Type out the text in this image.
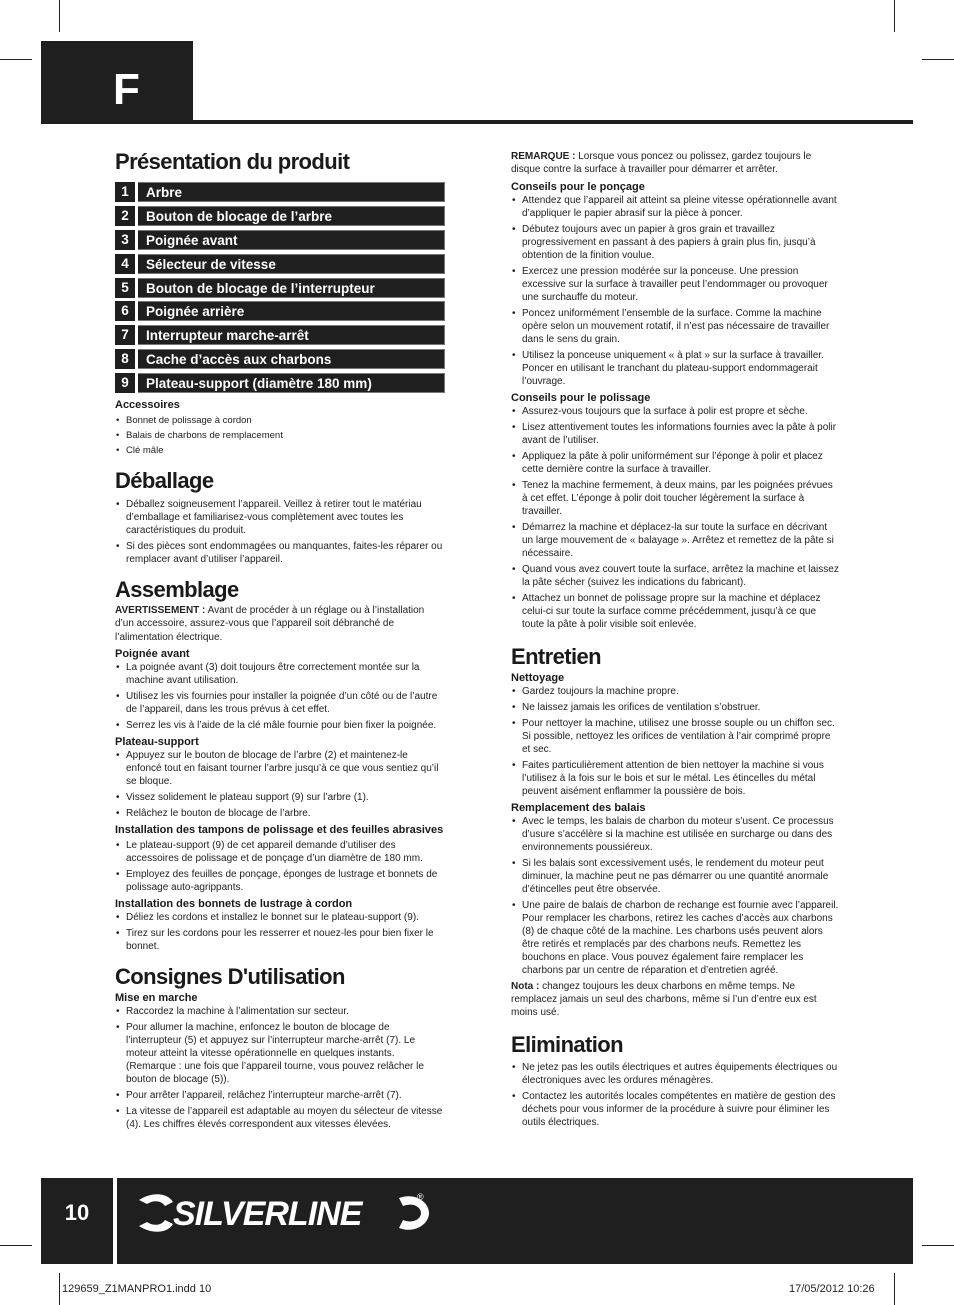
F
Présentation du produit
1	Arbre
2	Bouton de blocage de l’arbre
3	Poignée avant
4	Sélecteur de vitesse
5	Bouton de blocage de l’interrupteur
6	Poignée arrière
7	Interrupteur marche-arrêt
8	Cache d’accès aux charbons
9	Plateau-support (diamètre 180 mm)

Accessoires

• Bonnet de polissage à cordon
• Balais de charbons de remplacement
• Clé mâle
Déballage
• Déballez soigneusement l’appareil. Veillez à retirer tout le matériau d’emballage et familiarisez-vous complètement avec toutes les caractéristiques du produit.
• Si des pièces sont endommagées ou manquantes, faites-les réparer ou remplacer avant d’utiliser l’appareil.
Assemblage

AVERTISSEMENT : Avant de procéder à un réglage ou à l’installation d’un accessoire, assurez-vous que l’appareil soit débranché de l’alimentation électrique.

Poignée avant

• La poignée avant (3) doit toujours être correctement montée sur la machine avant utilisation.
• Utilisez les vis fournies pour installer la poignée d’un côté ou de l’autre de l’appareil, dans les trous prévus à cet effet.
• Serrez les vis à l’aide de la clé mâle fournie pour bien fixer la poignée.

Plateau-support

• Appuyez sur le bouton de blocage de l’arbre (2) et maintenez-le enfoncé tout en faisant tourner l’arbre jusqu’à ce que vous sentiez qu’il se bloque.
• Vissez solidement le plateau support (9) sur l’arbre (1).
• Relâchez le bouton de blocage de l’arbre.

Installation des tampons de polissage et des feuilles abrasives

• Le plateau-support (9) de cet appareil demande d’utiliser des accessoires de polissage et de ponçage d’un diamètre de 180 mm.
• Employez des feuilles de ponçage, éponges de lustrage et bonnets de polissage auto-agrippants.

Installation des bonnets de lustrage à cordon

• Déliez les cordons et installez le bonnet sur le plateau-support (9).
• Tirez sur les cordons pour les resserrer et nouez-les pour bien fixer le bonnet.
Consignes D'utilisation

Mise en marche

• Raccordez la machine à l’alimentation sur secteur.
• Pour allumer la machine, enfoncez le bouton de blocage de l’interrupteur (5) et appuyez sur l’interrupteur marche-arrêt (7). Le moteur atteint la vitesse opérationnelle en quelques instants. (Remarque : une fois que l’appareil tourne, vous pouvez relâcher le bouton de blocage (5)).
• Pour arrêter l’appareil, relâchez l’interrupteur marche-arrêt (7).
• La vitesse de l’appareil est adaptable au moyen du sélecteur de vitesse (4). Les chiffres élevés correspondent aux vitesses élevées.

REMARQUE : Lorsque vous poncez ou polissez, gardez toujours le disque contre la surface à travailler pour démarrer et arrêter.

Conseils pour le ponçage

• Attendez que l’appareil ait atteint sa pleine vitesse opérationnelle avant d’appliquer le papier abrasif sur la pièce à poncer.
• Débutez toujours avec un papier à gros grain et travaillez progressivement en passant à des papiers à grain plus fin, jusqu’à obtention de la finition voulue.
• Exercez une pression modérée sur la ponceuse. Une pression excessive sur la surface à travailler peut l’endommager ou provoquer une surchauffe du moteur.
• Poncez uniformément l’ensemble de la surface. Comme la machine opère selon un mouvement rotatif, il n’est pas nécessaire de travailler dans le sens du grain.
• Utilisez la ponceuse uniquement « à plat » sur la surface à travailler. Poncer en utilisant le tranchant du plateau-support endommagerait l’ouvrage.

Conseils pour le polissage

• Assurez-vous toujours que la surface à polir est propre et sèche.
• Lisez attentivement toutes les informations fournies avec la pâte à polir avant de l’utiliser.
• Appliquez la pâte à polir uniformément sur l’éponge à polir et placez cette dernière contre la surface à travailler.
• Tenez la machine fermement, à deux mains, par les poignées prévues à cet effet. L’éponge à polir doit toucher légèrement la surface à travailler.
• Démarrez la machine et déplacez-la sur toute la surface en décrivant un large mouvement de « balayage ». Arrêtez et remettez de la pâte si nécessaire.
• Quand vous avez couvert toute la surface, arrêtez la machine et laissez la pâte sécher (suivez les indications du fabricant).
• Attachez un bonnet de polissage propre sur la machine et déplacez celui-ci sur toute la surface comme précédemment, jusqu’à ce que toute la pâte à polir visible soit enlevée.
Entretien

Nettoyage

• Gardez toujours la machine propre.
• Ne laissez jamais les orifices de ventilation s’obstruer.
• Pour nettoyer la machine, utilisez une brosse souple ou un chiffon sec. Si possible, nettoyez les orifices de ventilation à l’air comprimé propre et sec.
• Faites particulièrement attention de bien nettoyer la machine si vous l’utilisez à la fois sur le bois et sur le métal. Les étincelles du métal peuvent aisément enflammer la poussière de bois.

Remplacement des balais

• Avec le temps, les balais de charbon du moteur s’usent. Ce processus d’usure s’accélère si la machine est utilisée en surcharge ou dans des environnements poussiéreux.
• Si les balais sont excessivement usés, le rendement du moteur peut diminuer, la machine peut ne pas démarrer ou une quantité anormale d’étincelles peut être observée.
• Une paire de balais de charbon de rechange est fournie avec l’appareil. Pour remplacer les charbons, retirez les caches d’accès aux charbons (8) de chaque côté de la machine. Les charbons usés peuvent alors être retirés et remplacés par des charbons neufs. Remettez les bouchons en place. Vous pouvez également faire remplacer les charbons par un centre de réparation et d’entretien agréé.

Nota : changez toujours les deux charbons en même temps. Ne remplacez jamais un seul des charbons, même si l’un d’entre eux est moins usé.

Elimination
• Ne jetez pas les outils électriques et autres équipements électriques ou électroniques avec les ordures ménagères.
• Contactez les autorités locales compétentes en matière de gestion des déchets pour vous informer de la procédure à suivre pour éliminer les outils électriques.
10	SILVERLINE	®
129659_Z1MANPRO1.indd 10	17/05/2012 10:26
